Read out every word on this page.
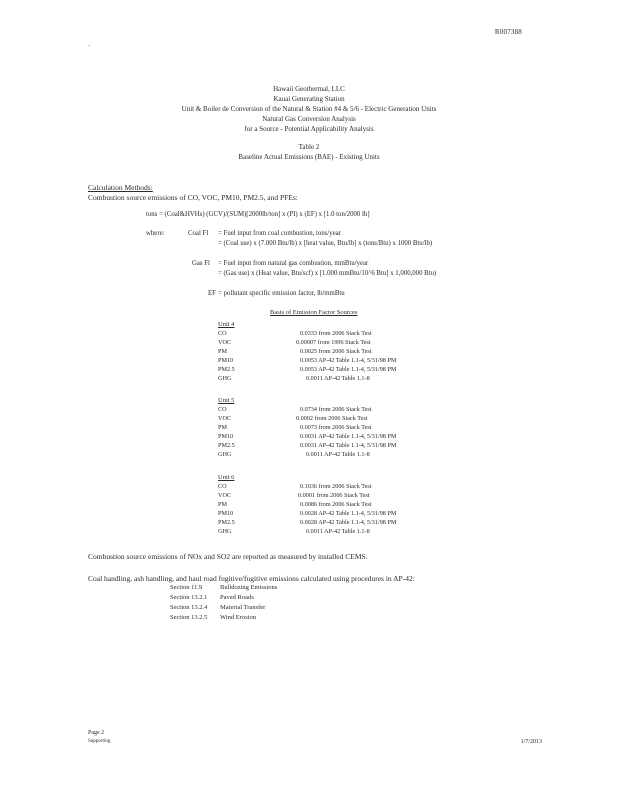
R007388
·
Hawaii Geothermal, LLC
Kauai Generating Station
Unit & Boiler de Conversion of the Natural & Station #4 & 5/6 - Electric Generation Units
Natural Gas Conversion Analysis
for a Source - Potential Applicability Analysis
Table 2
Baseline Actual Emissions (BAE) - Existing Units
Calculation Methods:
Combustion source emissions of CO, VOC, PM10, PM2.5, and PFEs:
tons = (Coal&HVHs) (GCV)/(SUM)[2000lb/ton] x (PI) x (EF) x [1.0 ton/2000 lb]
where:	Coal Fl = Fuel input from coal combustion, tons/year
= (Coal use) x (7.000 Btu/lb) x [heat value, Btu/lb] x (tons/Btu) x 1000 Btu/lb)
Gas Fl = Fuel input from natural gas combustion, mmBtu/year
= (Gas use) x (Heat value, Btu/scf) x [1.000 mmBtu/10^6 Btu] x 1,000,000 Btu)
EF = pollutant specific emission factor, lb/mmBtu
Basis of Emission Factor Sources
Unit 4
CO	0.0333 from 2006 Stack Test
VOC	0.00007 from 1996 Stack Test
PM	0.0025 from 2006 Stack Test
PM10	0.0053 AP-42 Table 1.1-4, 5/31/98 PM
PM2.5	0.0053 AP-42 Table 1.1-4, 5/31/98 PM
GHG	0.0011 AP-42 Table 1.1-8
Unit 5
CO	0.0734 from 2006 Stack Test
VOC	0.0002 from 2006 Stack Test
PM	0.0073 from 2006 Stack Test
PM10	0.0031 AP-42 Table 1.1-4, 5/31/98 PM
PM2.5	0.0031 AP-42 Table 1.1-4, 5/31/98 PM
GHG	0.0011 AP-42 Table 1.1-8
Unit 6
CO	0.1036 from 2006 Stack Test
VOC	0.0001 from 2006 Stack Test
PM	0.0086 from 2006 Stack Test
PM10	0.0028 AP-42 Table 1.1-4, 5/31/98 PM
PM2.5	0.0028 AP-42 Table 1.1-4, 5/31/98 PM
GHG	0.0011 AP-42 Table 1.1-8
Combustion source emissions of NOx and SO2 are reported as measured by installed CEMS.
Coal handling, ash handling, and haul road fugitive/fugitive emissions calculated using procedures in AP-42:
Section 11.9	Bulldozing Emissions
Section 13.2.1 Paved Roads
Section 13.2.4 Material Transfer
Section 13.2.5 Wind Erosion
Page 2
Supporting	1/7/2013
